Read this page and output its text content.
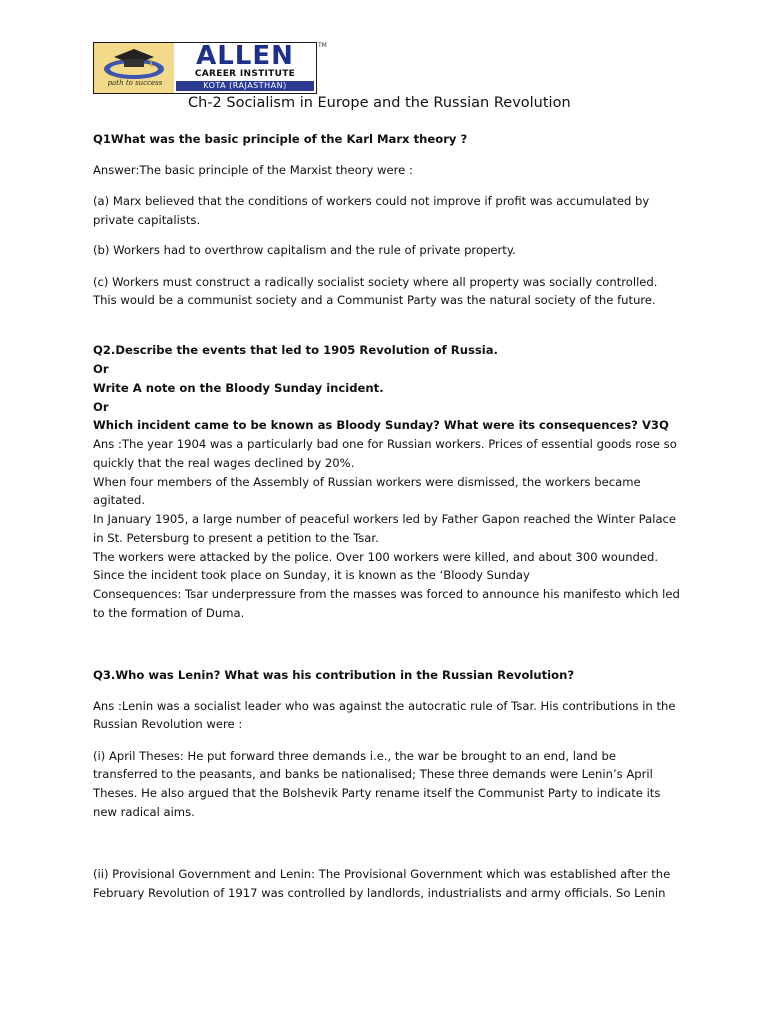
path to success
ALLEN
CAREER INSTITUTE
KOTA (RAJASTHAN)
TM
Ch-2 Socialism in Europe and the Russian Revolution
Q1What was the basic principle of the Karl Marx theory ?
Answer:The basic principle of the Marxist theory were :
(a) Marx believed that the conditions of workers could not improve if profit was accumulated by
private capitalists.
(b) Workers had to overthrow capitalism and the rule of private property.
(c) Workers must construct a radically socialist society where all property was socially controlled.
This would be a communist society and a Communist Party was the natural society of the future.
Q2.Describe the events that led to 1905 Revolution of Russia.
Or
Write A note on the Bloody Sunday incident.
Or
Which incident came to be known as Bloody Sunday? What were its consequences? V3Q
Ans :The year 1904 was a particularly bad one for Russian workers. Prices of essential goods rose so
quickly that the real wages declined by 20%.
When four members of the Assembly of Russian workers were dismissed, the workers became
agitated.
In January 1905, a large number of peaceful workers led by Father Gapon reached the Winter Palace
in St. Petersburg to present a petition to the Tsar.
The workers were attacked by the police. Over 100 workers were killed, and about 300 wounded.
Since the incident took place on Sunday, it is known as the ‘Bloody Sunday
Consequences: Tsar underpressure from the masses was forced to announce his manifesto which led
to the formation of Duma.
Q3.Who was Lenin? What was his contribution in the Russian Revolution?
Ans :Lenin was a socialist leader who was against the autocratic rule of Tsar. His contributions in the
Russian Revolution were :
(i) April Theses: He put forward three demands i.e., the war be brought to an end, land be
transferred to the peasants, and banks be nationalised; These three demands were Lenin’s April
Theses. He also argued that the Bolshevik Party rename itself the Communist Party to indicate its
new radical aims.
(ii) Provisional Government and Lenin: The Provisional Government which was established after the
February Revolution of 1917 was controlled by landlords, industrialists and army officials. So Lenin
